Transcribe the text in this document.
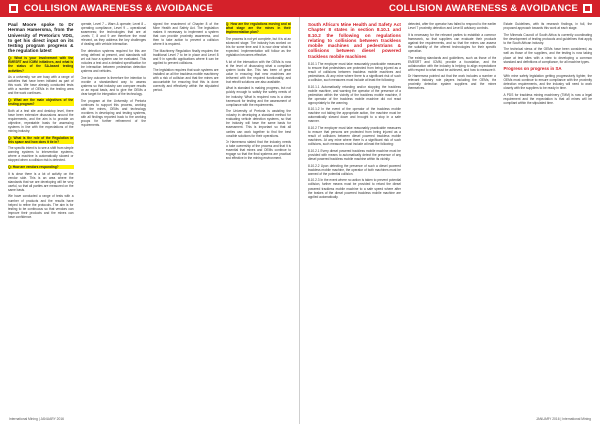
COLLISION AWARENESS & AVOIDANCE

Paul Moore spoke to Dr Herman Hamersma, from the University of Pretoria's VDG, to get his direct input on its testing program progress & the regulation latest

Q: What is your involvement with the EMESRT and ICMM initiatives, and what is the status of the SA-based testing activities?

As a university, we are busy with a range of activities that have been initiated as part of this work. We have already conducted tests with a number of OEMs in the testing area and the work continues.

Q: What are the main objectives of the testing program?

Both at a test site and desktop level, there have been extensive discussions around the requirements, and the aim is to provide an objective, repeatable basis for assessing systems in line with the expectations of the mining industry.

Q: What is the role of the Regulation in this space and how does it tie in?

The specific intent is to see a shift from simple warning systems to intervention systems, where a machine is automatically slowed or stopped when a collision risk is detected.

Q: How are vendors responding?

It is clear there is a lot of activity on the vendor side. This is an area where the standards that we are developing will be very useful, so that all parties are measured on the same basis.

We have conducted a range of tests with a number of products and the results have helped to refine the protocols. The aim is for testing to be continuous so that vendors can improve their products and the mines can have confidence.

operate, Level 7 – Warn & operate; Level 8 – operating compliance, Level 9 – operational awareness; the technologies that are at Levels 7, 8 and 9 are therefore the most relevant, as they address the key challenges of dealing with vehicle interaction.

The detection systems required for this are being defined at present, and standards will set out how a system can be evaluated. This includes a test and a detailed specification for the interaction between pedestrian detection systems and vehicles.

One key outcome is therefore the intention to provide a standardised way to assess systems so that industry can compare results on an equal basis, and to give the OEMs a clear target for integration of the technology.

The program at the University of Pretoria continues to support this process, working with the mines, OEMs and technology providers in developing and testing systems, with all findings reported back to the working groups for further refinement of the requirements.

signed the enactment of Chapter 8 of the Mine Health and Safety Act. The legislation makes it necessary to implement a system that can provide proximity awareness, and then to take action to prevent a collision where it is required.

The Machinery Regulation finally requires the traditional Level 7 to be in place and Level 8 and 9 in specific applications where it can be applied to prevent collisions.

The legislation requires that such systems are installed on all the trackless mobile machinery with a risk of collision and that the mines are accountable for ensuring that this is done correctly and effectively within the stipulated period.

Q: How are the regulations moving and at what stage are the mines in their implementation plan?

The process is not yet complete, but it is at an advanced stage. The industry has worked on this for some time and it is now clear what is expected. Implementation will follow as the legislation becomes effective.

A lot of the interaction with the OEMs is now at the level of discussing what a compliant system looks like. This has been of great value in ensuring that new machines are delivered with the required functionality, and that retrofit solutions are also available.

What is standard is making progress, but not quickly enough to satisfy the safety needs of the industry. What is required now is a clear framework for testing and the assessment of compliance with the requirements.

The University of Pretoria is assisting the industry in developing a standard method for evaluating vehicle detection systems, so that the industry will have the same basis for assessment. This is important so that all parties can work together to find the best possible solutions for their operations.

Dr Hamersma stated that the industry needs to take ownership of the process and that it is essential that mines and OEMs continue to engage so that the final systems are practical and effective in the mining environment.

International Mining | JANUARY 2016
COLLISION AWARENESS & AVOIDANCE

South Africa's Mine Health and Safety Act Chapter 8 states in section 8.10.1 and 8.10.2 the following on regulations relating to collisions between trackless mobile machines and pedestrians & collisions between diesel powered trackless mobile machines

8.10.1 The employer must take reasonably practicable measures to ensure that pedestrians are protected from being injured as a result of collisions between trackless mobile machines and pedestrians. At any mine where there is a significant risk of such a collision, such measures must include at least the following:

8.10.1.1 Automatically retarding and/or stopping the trackless mobile machine, and warning the operator of the presence of a pedestrian within the vicinity of the trackless mobile machine, if the operator of the trackless mobile machine did not react appropriately to the warning.

8.10.1.2 In the event of the operator of the trackless mobile machine not taking the appropriate action, the machine must be automatically slowed down and brought to a stop in a safe manner.

8.10.2 The employer must take reasonably practicable measures to ensure that persons are protected from being injured as a result of collisions between diesel powered trackless mobile machines. At any mine where there is a significant risk of such collisions, such measures must include at least the following:

8.10.2.1 Every diesel powered trackless mobile machine must be provided with means to automatically detect the presence of any diesel powered trackless mobile machine within its vicinity.

8.10.2.2 Upon detecting the presence of such a diesel powered trackless mobile machine, the operator of both machines must be warned of the potential collision.

8.10.2.3 In the event where no action is taken to prevent potential collision, further means must be provided to retard the diesel powered trackless mobile machine to a safe speed where after the brakes of the diesel powered trackless mobile machine are applied automatically.

detected, after the operator has failed to respond to the earlier Level 7 proximity detection and Level 8 advisory controls.

It is necessary for the relevant parties to establish a common framework, so that suppliers can evaluate their products against the requirements, and so that the mines can assess the suitability of the offered technologies for their specific operation.

The existing standards and guidelines, such as those of the EMESRT and ICMM, provide a foundation, and the collaboration with the industry is helping to align expectations with respect to what must be achieved, and how to measure it.

Dr Hamersma pointed out that the work includes a number of relevant industry role players including the OEMs, the proximity detection system suppliers and the mines themselves.

Estate Guidelines, with its research findings, in full, the proposed approach towards this work at each stage.

The Minerals Council of South Africa is currently coordinating the development of testing protocols and guidelines that apply to the South African industry.

The technical views of the OEMs have been considered, as well as those of the suppliers, and the testing is now taking place at test sites with a view to developing a common standard and definitions of compliance, for all machine types.

Progress on progress in SA

With mine safety legislation getting progressively tighter, the OEMs must continue to ensure compliance with the proximity detection requirements, and the industry will need to work closely with the suppliers to be ready in time.

A PDS for trackless mining machinery (TMM) is now a legal requirement and the expectation is that all mines will be compliant within the stipulated time.

JANUARY 2016 | International Mining
